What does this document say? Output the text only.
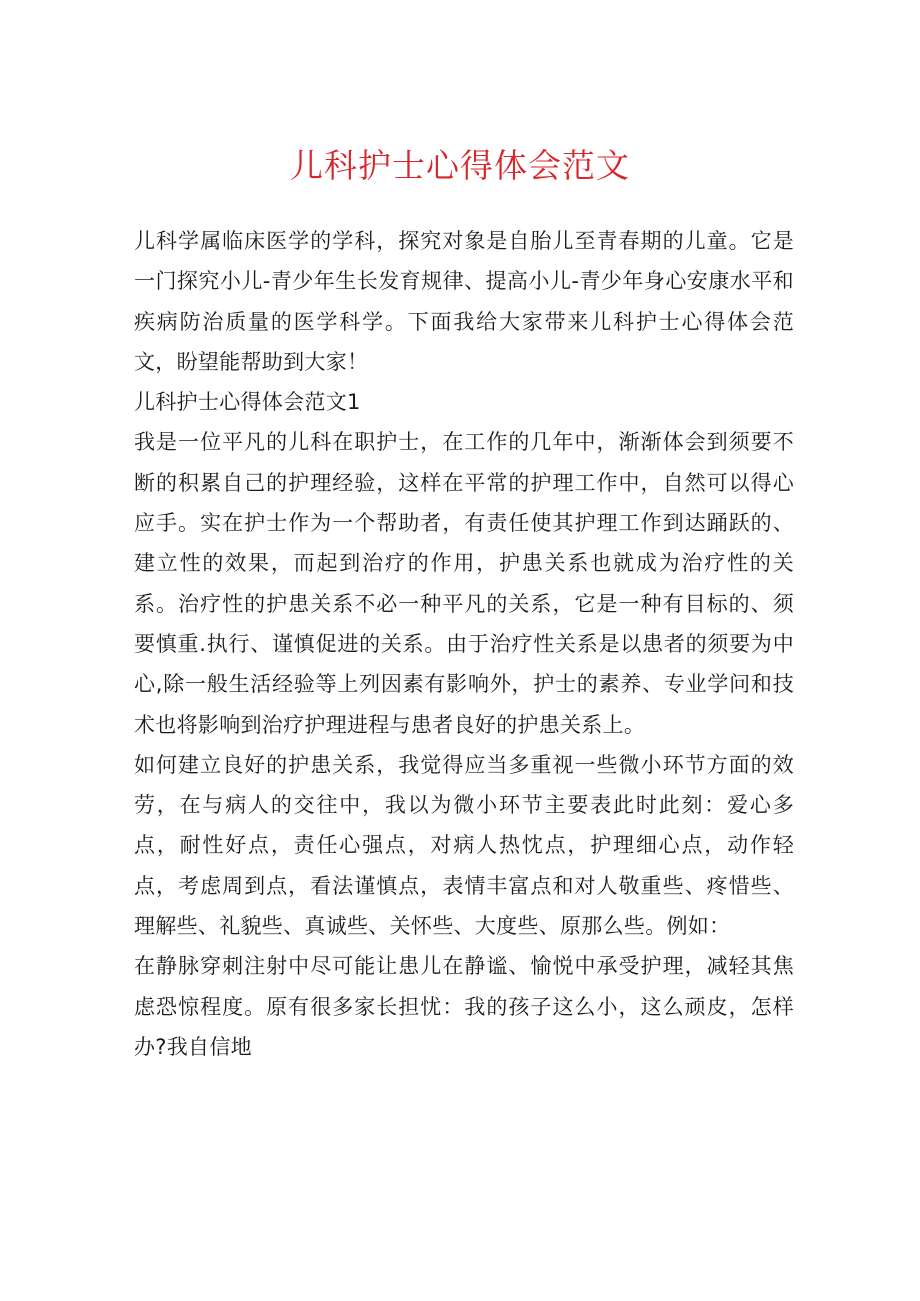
儿科护士心得体会范文

儿科学属临床医学的学科，探究对象是自胎儿至青春期的儿童。它是一门探究小儿-青少年生长发育规律、提高小儿-青少年身心安康水平和疾病防治质量的医学科学。下面我给大家带来儿科护士心得体会范文，盼望能帮助到大家！

儿科护士心得体会范文1

我是一位平凡的儿科在职护士，在工作的几年中，渐渐体会到须要不断的积累自己的护理经验，这样在平常的护理工作中，自然可以得心应手。实在护士作为一个帮助者，有责任使其护理工作到达踊跃的、建立性的效果，而起到治疗的作用，护患关系也就成为治疗性的关系。治疗性的护患关系不必一种平凡的关系，它是一种有目标的、须要慎重.执行、谨慎促进的关系。由于治疗性关系是以患者的须要为中心,除一般生活经验等上列因素有影响外，护士的素养、专业学问和技术也将影响到治疗护理进程与患者良好的护患关系上。

如何建立良好的护患关系，我觉得应当多重视一些微小环节方面的效劳，在与病人的交往中，我以为微小环节主要表此时此刻：爱心多点，耐性好点，责任心强点，对病人热忱点，护理细心点，动作轻点，考虑周到点，看法谨慎点，表情丰富点和对人敬重些、疼惜些、理解些、礼貌些、真诚些、关怀些、大度些、原那么些。例如：

在静脉穿刺注射中尽可能让患儿在静谧、愉悦中承受护理，减轻其焦虑恐惊程度。原有很多家长担忧：我的孩子这么小，这么顽皮，怎样办?我自信地
